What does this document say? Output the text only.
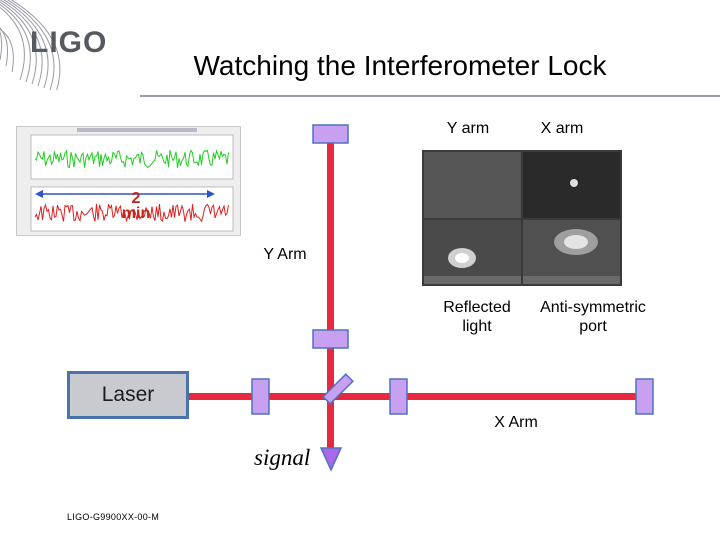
LIGO
Watching the Interferometer Lock
2 min
Y arm	X arm
Y Arm
X Arm
Reflected light
Anti-symmetric port
Laser
signal
LIGO-G9900XX-00-M
